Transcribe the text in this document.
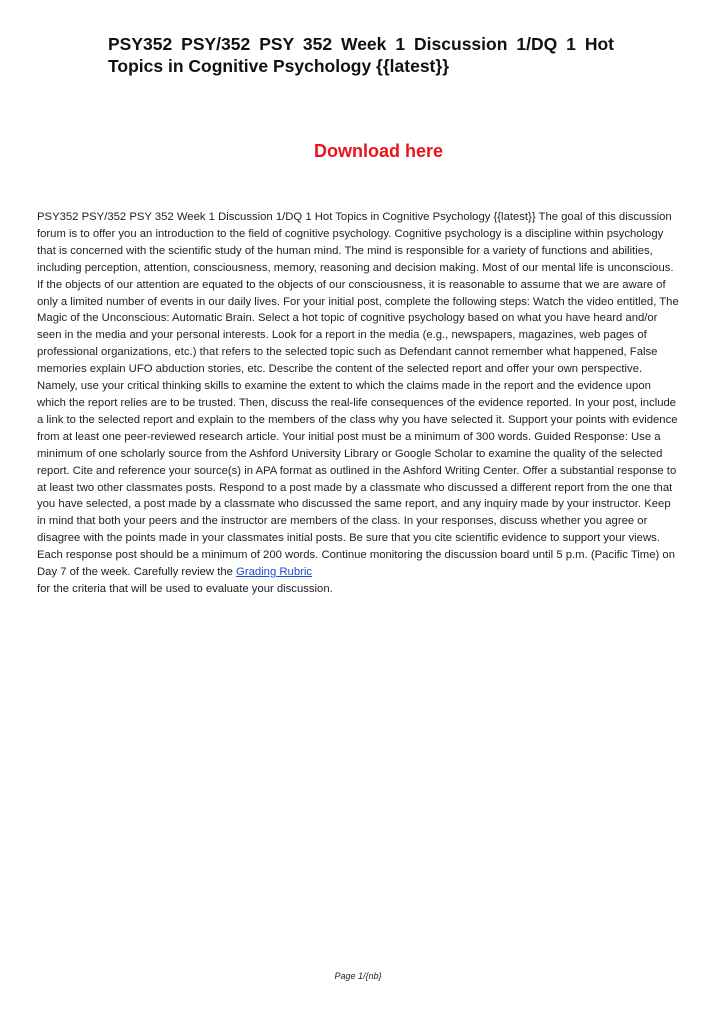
PSY352 PSY/352 PSY 352 Week 1 Discussion 1/DQ 1 Hot Topics in Cognitive Psychology {{latest}}
Download here

PSY352 PSY/352 PSY 352 Week 1 Discussion 1/DQ 1 Hot Topics in Cognitive Psychology {{latest}} The goal of this discussion forum is to offer you an introduction to the field of cognitive psychology. Cognitive psychology is a discipline within psychology that is concerned with the scientific study of the human mind. The mind is responsible for a variety of functions and abilities, including perception, attention, consciousness, memory, reasoning and decision making. Most of our mental life is unconscious. If the objects of our attention are equated to the objects of our consciousness, it is reasonable to assume that we are aware of only a limited number of events in our daily lives. For your initial post, complete the following steps: Watch the video entitled, The Magic of the Unconscious: Automatic Brain. Select a hot topic of cognitive psychology based on what you have heard and/or seen in the media and your personal interests. Look for a report in the media (e.g., newspapers, magazines, web pages of professional organizations, etc.) that refers to the selected topic such as Defendant cannot remember what happened, False memories explain UFO abduction stories, etc. Describe the content of the selected report and offer your own perspective. Namely, use your critical thinking skills to examine the extent to which the claims made in the report and the evidence upon which the report relies are to be trusted. Then, discuss the real-life consequences of the evidence reported. In your post, include a link to the selected report and explain to the members of the class why you have selected it. Support your points with evidence from at least one peer-reviewed research article. Your initial post must be a minimum of 300 words. Guided Response: Use a minimum of one scholarly source from the Ashford University Library or Google Scholar to examine the quality of the selected report. Cite and reference your source(s) in APA format as outlined in the Ashford Writing Center. Offer a substantial response to at least two other classmates posts. Respond to a post made by a classmate who discussed a different report from the one that you have selected, a post made by a classmate who discussed the same report, and any inquiry made by your instructor. Keep in mind that both your peers and the instructor are members of the class. In your responses, discuss whether you agree or disagree with the points made in your classmates initial posts. Be sure that you cite scientific evidence to support your views. Each response post should be a minimum of 200 words. Continue monitoring the discussion board until 5 p.m. (Pacific Time) on Day 7 of the week. Carefully review the Grading Rubric
for the criteria that will be used to evaluate your discussion.

Page 1/{nb}
